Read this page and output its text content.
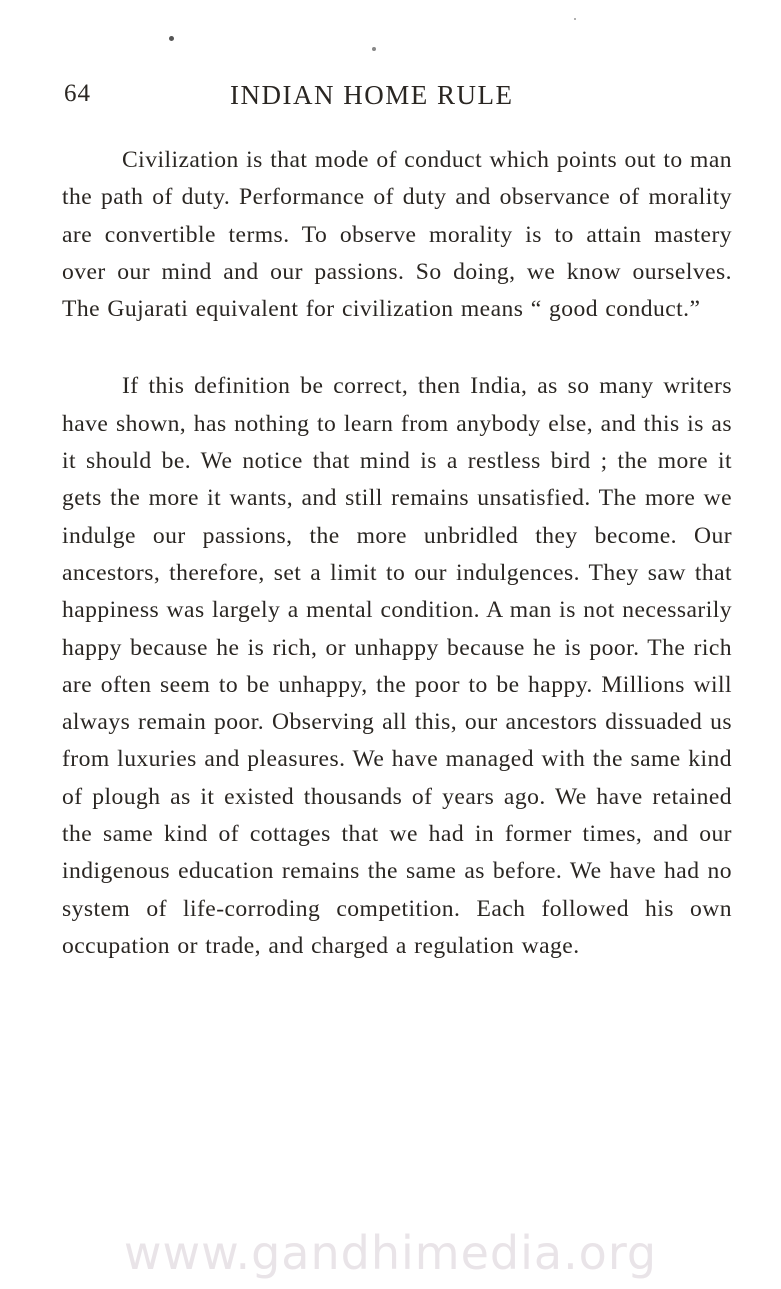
64	INDIAN HOME RULE

Civilization is that mode of conduct which points out to man the path of duty. Performance of duty and observance of morality are convertible terms. To observe morality is to attain mastery over our mind and our passions. So doing, we know ourselves. The Gujarati equivalent for civilization means “ good conduct.”

If this definition be correct, then India, as so many writers have shown, has nothing to learn from anybody else, and this is as it should be. We notice that mind is a restless bird ; the more it gets the more it wants, and still remains unsatisfied. The more we indulge our passions, the more unbridled they become. Our ancestors, therefore, set a limit to our indulgences. They saw that happiness was largely a mental condition. A man is not necessarily happy because he is rich, or unhappy because he is poor. The rich are often seem to be unhappy, the poor to be happy. Millions will always remain poor. Observing all this, our ancestors dissuaded us from luxuries and pleasures. We have managed with the same kind of plough as it existed thousands of years ago. We have retained the same kind of cottages that we had in former times, and our indigenous education remains the same as before. We have had no system of life-corroding competition. Each followed his own occupation or trade, and charged a regulation wage.

www.gandhimedia.org
